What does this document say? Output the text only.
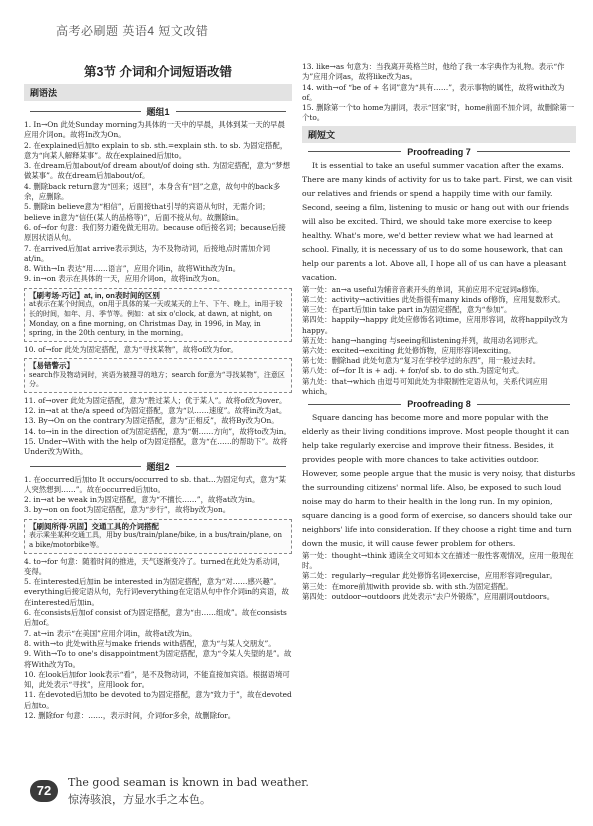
高考必刷题 英语4 短文改错
第3节 介词和介词短语改错
刷语法
题组1

1. In→On 此处Sunday morning为具体的一天中的早晨，具体到某一天的早晨应用介词on。故将In改为On。

2. 在explained后加to explain to sb. sth.=explain sth. to sb. 为固定搭配，意为“向某人解释某事”。故在explained后加to。

3. 在dream后加about/of dream about/of doing sth. 为固定搭配，意为“梦想做某事”。故在dream后加about/of。

4. 删除back return意为“回来；返回”，本身含有“回”之意，故句中的back多余，应删除。

5. 删除in believe意为“相信”，后面接that引导的宾语从句时，无需介词；believe in意为“信任(某人的品格等)”，后面不接从句。故删除in。

6. of→for 句意：我们努力避免做无用功。because of后接名词；because后接原因状语从句。

7. 在arrived后加at arrive表示到达，为不及物动词，后接地点时需加介词at/in。

8. With→In 表达“用……语言”，应用介词in，故将With改为In。

9. in→on 表示在具体的一天，应用介词on，故将in改为on。

【刷考场·巧记】at, in, on表时间的区别
at表示在某个时间点，on用于具体的某一天或某天的上午、下午、晚上，in用于较长的时间，如年、月、季节等。例如：at six o'clock, at dawn, at night, on Monday, on a fine morning, on Christmas Day, in 1996, in May, in spring, in the 20th century, in the morning。

10. of→for 此处为固定搭配，意为“寻找某物”，故将of改为for。

【易错警示】
search作及物动词时，宾语为被搜寻的地方；search for意为“寻找某物”，注意区分。

11. of→over 此处为固定搭配，意为“胜过某人；优于某人”。故将of改为over。

12. in→at at the/a speed of为固定搭配，意为“以……速度”。故将in改为at。

13. By→On on the contrary为固定搭配，意为“正相反”，故将By改为On。

14. to→in in the direction of为固定搭配，意为“朝……方向”，故将to改为in。

15. Under→With with the help of为固定搭配，意为“在……的帮助下”。故将Under改为With。

题组2

1. 在occurred后加to It occurs/occurred to sb. that...为固定句式，意为“某人突然想到……”。故在occurred后加to。

2. in→at be weak in为固定搭配，意为“不擅长……”，故将at改为in。

3. by→on on foot为固定搭配，意为“步行”，故将by改为on。

【刷阅所得·巩固】交通工具的介词搭配
表示乘坐某种交通工具，用by bus/train/plane/bike, in a bus/train/plane, on a bike/motorbike等。

4. to→for 句意：随着时间的推进，天气逐渐变冷了。turned在此处为系动词，变得。

5. 在interested后加in be interested in为固定搭配，意为“对……感兴趣”。everything后接定语从句，先行词everything在定语从句中作介词in的宾语，故在interested后加in。

6. 在consists后加of consist of为固定搭配，意为“由……组成”。故在consists后加of。

7. at→in 表示“在美国”应用介词in，故将at改为in。

8. with→to 此处with应与make friends with搭配，意为“与某人交朋友”。

9. With→To to one's disappointment为固定搭配，意为“令某人失望的是”。故将With改为To。

10. 在look后加for look表示“看”，是不及物动词，不能直接加宾语。根据语境可知，此处表示“寻找”，应用look for。

11. 在devoted后加to be devoted to为固定搭配，意为“致力于”，故在devoted后加to。

12. 删除for 句意：……，表示时间，介词for多余，故删除for。

13. like→as 句意为：当我离开英格兰时，他给了我一本字典作为礼物。表示“作为”应用介词as，故将like改为as。

14. with→of “be of + 名词”意为“具有……”，表示事物的属性，故将with改为of。

15. 删除第一个to home为副词，表示“回家”时，home前面不加介词，故删除第一个to。

刷短文
Proofreading 7

It is essential to take an useful summer vacation after the exams. There are many kinds of activity for us to take part. First, we can visit our relatives and friends or spend a happily time with our family. Second, seeing a film, listening to music or hang out with our friends will also be excited. Third, we should take more exercise to keep healthy. What's more, we'd better review what we had learned at school. Finally, it is necessary of us to do some housework, that can help our parents a lot. Above all, I hope all of us can have a pleasant vacation.

第一处：an→a useful为辅音音素开头的单词，其前应用不定冠词a修饰。

第二处：activity→activities 此处指很有many kinds of修饰，应用复数形式。

第三处：在part后加in take part in为固定搭配，意为“参加”。

第四处：happily→happy 此处应修饰名词time，应用形容词，故将happily改为happy。

第五处：hang→hanging 与seeing和listening并列，故用动名词形式。

第六处：excited→exciting 此处修饰物，应用形容词exciting。

第七处：删除had 此处句意为“复习在学校学过的东西”，用一般过去时。

第八处：of→for It is + adj. + for/of sb. to do sth.为固定句式。

第九处：that→which 由逗号可知此处为非限制性定语从句，关系代词应用which。

Proofreading 8

Square dancing has become more and more popular with the elderly as their living conditions improve. Most people thought it can help take regularly exercise and improve their fitness. Besides, it provides people with more chances to take activities outdoor. However, some people argue that the music is very noisy, that disturbs the surrounding citizens' normal life. Also, be exposed to such loud noise may do harm to their health in the long run. In my opinion, square dancing is a good form of exercise, so dancers should take our neighbors' life into consideration. If they choose a right time and turn down the music, it will cause fewer problem for others.

第一处：thought→think 通读全文可知本文在描述一般性客观情况，应用一般现在时。

第二处：regularly→regular 此处修饰名词exercise，应用形容词regular。

第三处：在more前加with provide sb. with sth.为固定搭配。

第四处：outdoor→outdoors 此处表示“去户外锻炼”，应用副词outdoors。

72
The good seaman is known in bad weather.
惊涛骇浪，方显水手之本色。
